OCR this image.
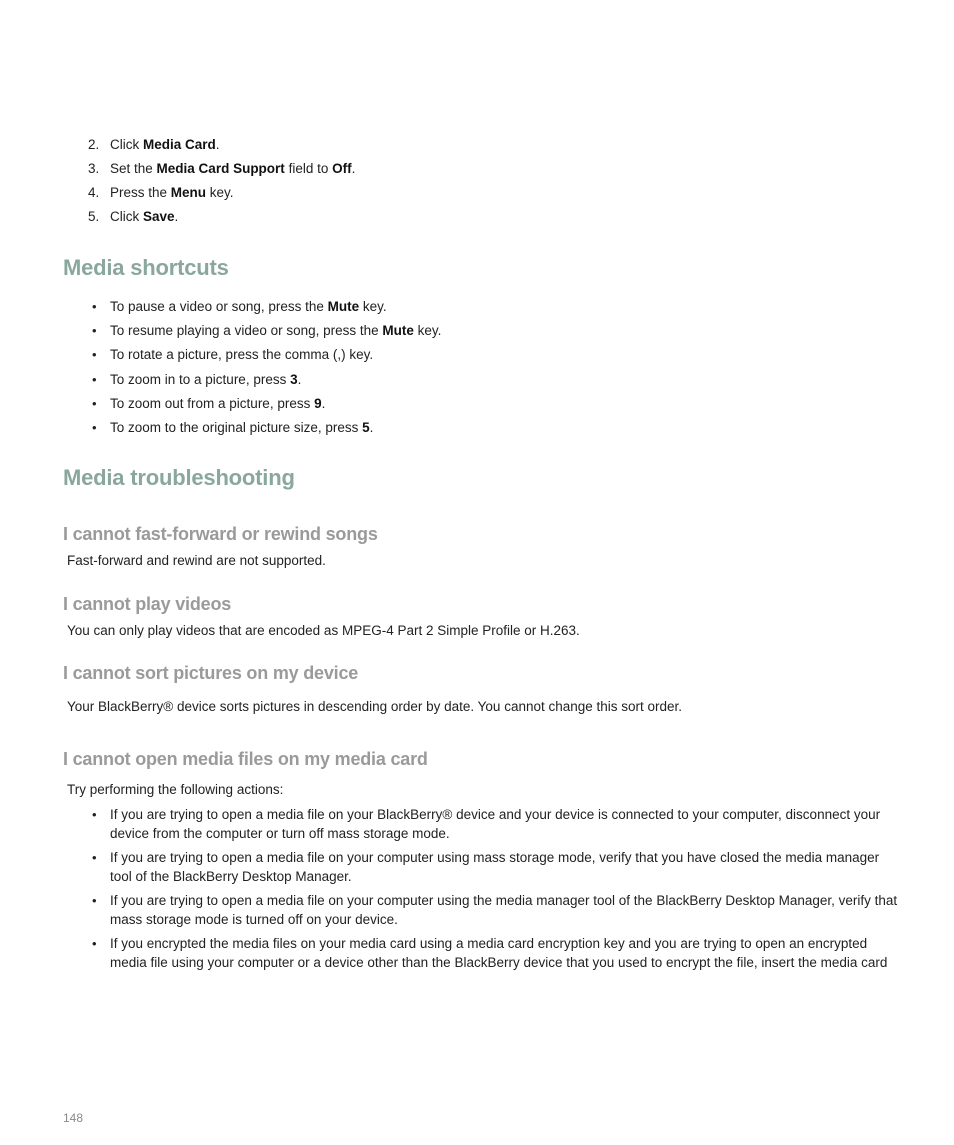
2. Click Media Card.
3. Set the Media Card Support field to Off.
4. Press the Menu key.
5. Click Save.
Media shortcuts
• To pause a video or song, press the Mute key.
• To resume playing a video or song, press the Mute key.
• To rotate a picture, press the comma (,) key.
• To zoom in to a picture, press 3.
• To zoom out from a picture, press 9.
• To zoom to the original picture size, press 5.
Media troubleshooting
I cannot fast-forward or rewind songs

Fast-forward and rewind are not supported.

I cannot play videos

You can only play videos that are encoded as MPEG-4 Part 2 Simple Profile or H.263.

I cannot sort pictures on my device

Your BlackBerry® device sorts pictures in descending order by date. You cannot change this sort order.

I cannot open media files on my media card

Try performing the following actions:

• If you are trying to open a media file on your BlackBerry® device and your device is connected to your computer, disconnect your device from the computer or turn off mass storage mode.
• If you are trying to open a media file on your computer using mass storage mode, verify that you have closed the media manager tool of the BlackBerry Desktop Manager.
• If you are trying to open a media file on your computer using the media manager tool of the BlackBerry Desktop Manager, verify that mass storage mode is turned off on your device.
• If you encrypted the media files on your media card using a media card encryption key and you are trying to open an encrypted media file using your computer or a device other than the BlackBerry device that you used to encrypt the file, insert the media card
148
